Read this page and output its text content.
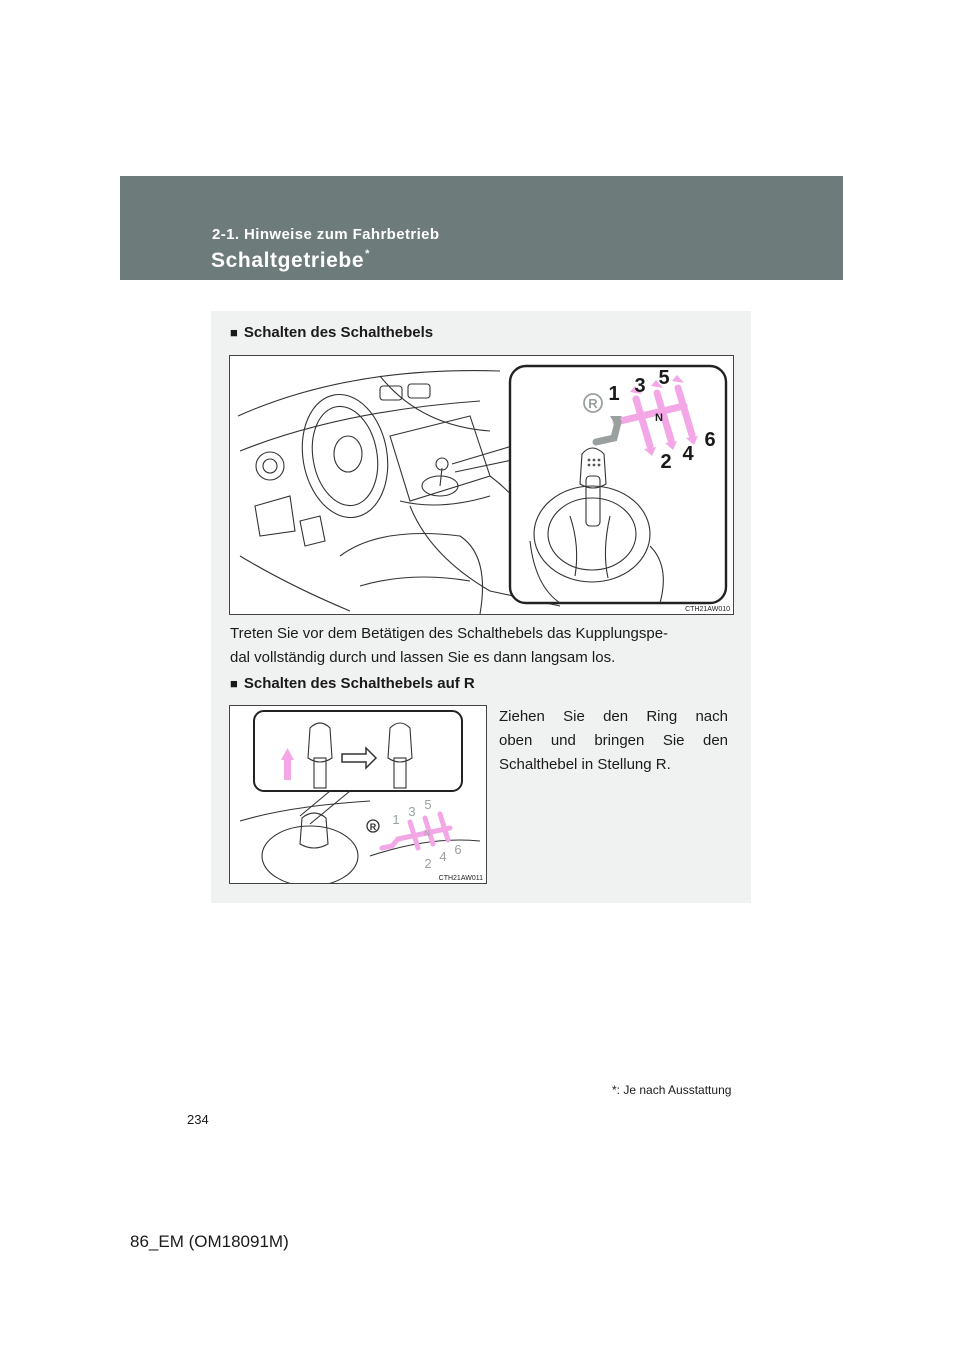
2-1. Hinweise zum Fahrbetrieb
Schaltgetriebe*
■ Schalten des Schalthebels
R 1 3 5
N
2 4
6
CTH21AW010
Treten Sie vor dem Betätigen des Schalthebels das Kupplungspe-
dal vollständig durch und lassen Sie es dann langsam los.
■ Schalten des Schalthebels auf R
R 1
3 5
N
2 4 6
CTH21AW011
Ziehen Sie den Ring nach
oben und bringen Sie den
Schalthebel in Stellung R.
*: Je nach Ausstattung
234
86_EM (OM18091M)
